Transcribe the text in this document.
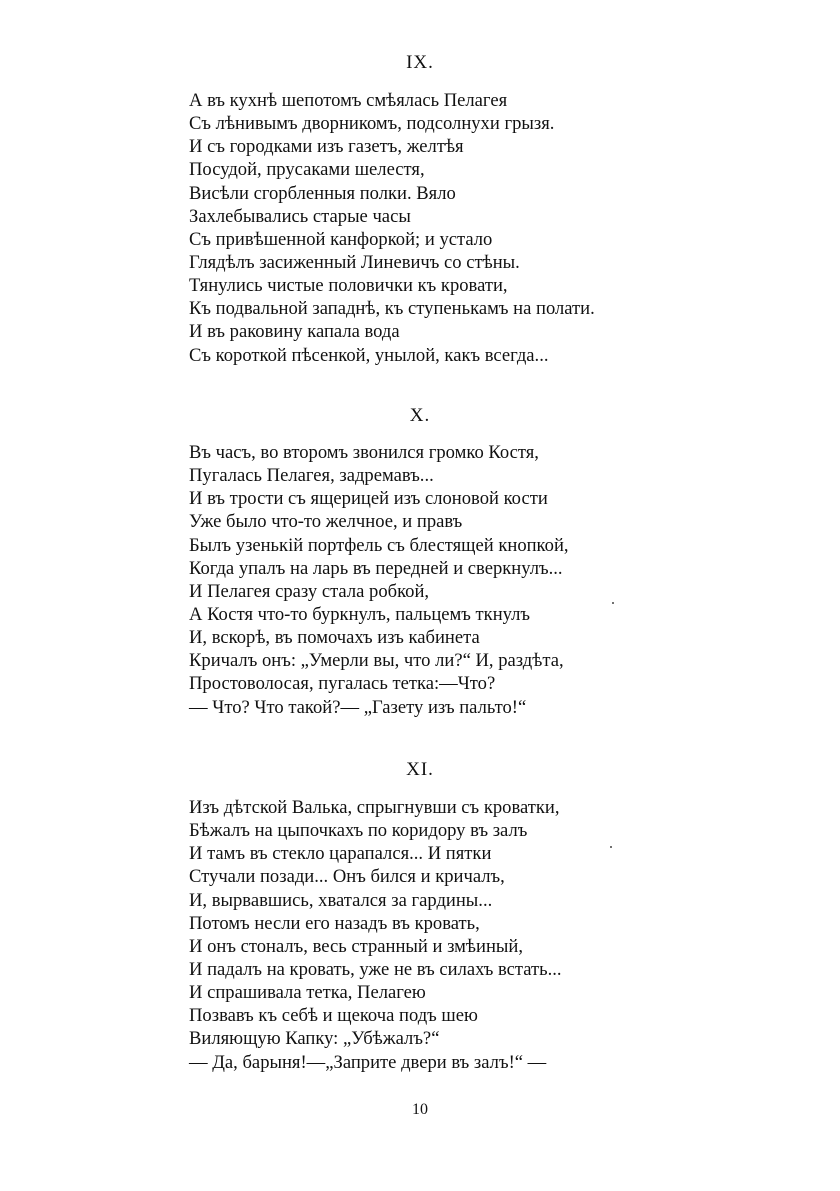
IX.
А въ кухнѣ шепотомъ смѣялась Пелагея
Съ лѣнивымъ дворникомъ, подсолнухи грызя.
И съ городками изъ газетъ, желтѣя
Посудой, прусаками шелестя,
Висѣли сгорбленныя полки. Вяло
Захлебывались старые часы
Съ привѣшенной канфоркой; и устало
Глядѣлъ засиженный Линевичъ со стѣны.
Тянулись чистые половички къ кровати,
Къ подвальной западнѣ, къ ступенькамъ на полати.
И въ раковину капала вода
Съ короткой пѣсенкой, унылой, какъ всегда...
X.
Въ часъ, во второмъ звонился громко Костя,
Пугалась Пелагея, задремавъ...
И въ трости съ ящерицей изъ слоновой кости
Уже было что-то желчное, и правъ
Былъ узенькій портфель съ блестящей кнопкой,
Когда упалъ на ларь въ передней и сверкнулъ...
И Пелагея сразу стала робкой,
А Костя что-то буркнулъ, пальцемъ ткнулъ
И, вскорѣ, въ помочахъ изъ кабинета
Кричалъ онъ: „Умерли вы, что ли?“ И, раздѣта,
Простоволосая, пугалась тетка:—Что?
— Что? Что такой?— „Газету изъ пальто!“
XI.
Изъ дѣтской Валька, спрыгнувши съ кроватки,
Бѣжалъ на цыпочкахъ по коридору въ залъ
И тамъ въ стекло царапался... И пятки
Стучали позади... Онъ бился и кричалъ,
И, вырвавшись, хватался за гардины...
Потомъ несли его назадъ въ кровать,
И онъ стоналъ, весь странный и змѣиный,
И падалъ на кровать, уже не въ силахъ встать...
И спрашивала тетка, Пелагею
Позвавъ къ себѣ и щекоча подъ шею
Виляющую Капку: „Убѣжалъ?“
— Да, барыня!—„Заприте двери въ залъ!“ —
10
